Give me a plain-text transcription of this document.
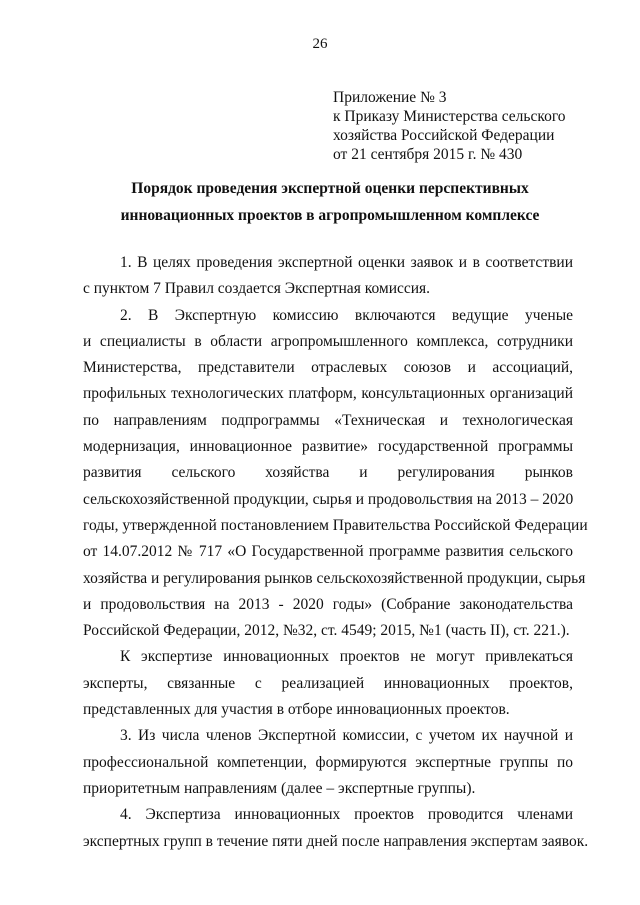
26
Приложение № 3
к Приказу Министерства сельского
хозяйства Российской Федерации
от 21 сентября 2015 г. № 430
Порядок проведения экспертной оценки перспективных
инновационных проектов в агропромышленном комплексе
1. В целях проведения экспертной оценки заявок и в соответствии
с пунктом 7 Правил создается Экспертная комиссия.
2. В Экспертную комиссию включаются ведущие ученые
и специалисты в области агропромышленного комплекса, сотрудники
Министерства, представители отраслевых союзов и ассоциаций,
профильных технологических платформ, консультационных организаций
по направлениям подпрограммы «Техническая и технологическая
модернизация, инновационное развитие» государственной программы
развития сельского хозяйства и регулирования рынков
сельскохозяйственной продукции, сырья и продовольствия на 2013 – 2020
годы, утвержденной постановлением Правительства Российской Федерации
от 14.07.2012 № 717 «О Государственной программе развития сельского
хозяйства и регулирования рынков сельскохозяйственной продукции, сырья
и продовольствия на 2013 - 2020 годы» (Собрание законодательства
Российской Федерации, 2012, №32, ст. 4549; 2015, №1 (часть II), ст. 221.).
К экспертизе инновационных проектов не могут привлекаться
эксперты, связанные с реализацией инновационных проектов,
представленных для участия в отборе инновационных проектов.
3. Из числа членов Экспертной комиссии, с учетом их научной и
профессиональной компетенции, формируются экспертные группы по
приоритетным направлениям (далее – экспертные группы).
4. Экспертиза инновационных проектов проводится членами
экспертных групп в течение пяти дней после направления экспертам заявок.
